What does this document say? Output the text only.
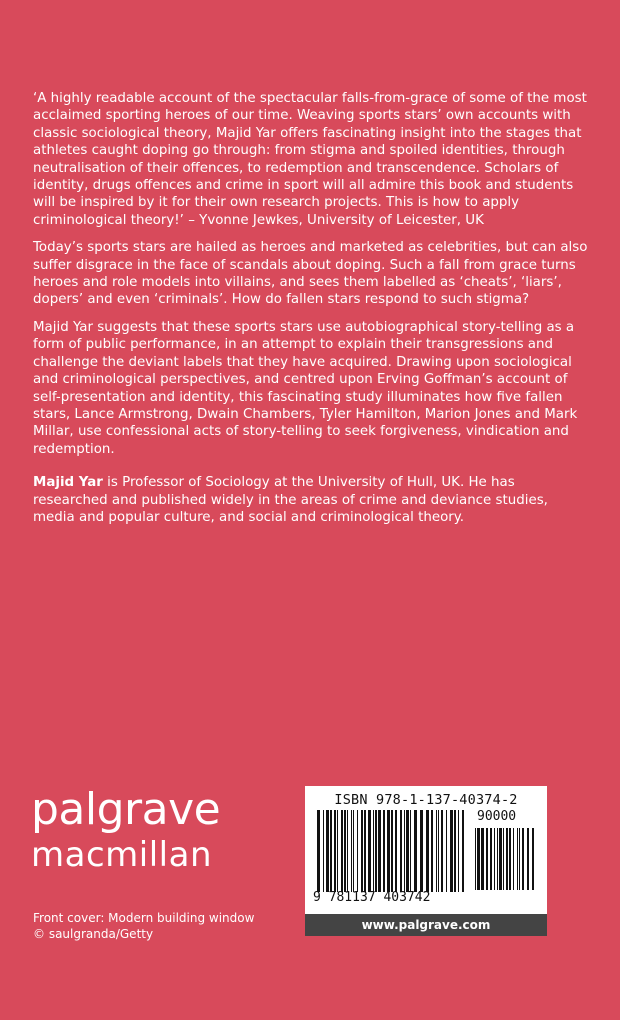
‘A highly readable account of the spectacular falls-from-grace of some of the most acclaimed sporting heroes of our time. Weaving sports stars’ own accounts with classic sociological theory, Majid Yar offers fascinating insight into the stages that athletes caught doping go through: from stigma and spoiled identities, through neutralisation of their offences, to redemption and transcendence. Scholars of identity, drugs offences and crime in sport will all admire this book and students will be inspired by it for their own research projects. This is how to apply criminological theory!’ – Yvonne Jewkes, University of Leicester, UK

Today’s sports stars are hailed as heroes and marketed as celebrities, but can also suffer disgrace in the face of scandals about doping. Such a fall from grace turns heroes and role models into villains, and sees them labelled as ‘cheats’, ‘liars’, dopers’ and even ‘criminals’. How do fallen stars respond to such stigma?

Majid Yar suggests that these sports stars use autobiographical story-telling as a form of public performance, in an attempt to explain their transgressions and challenge the deviant labels that they have acquired. Drawing upon sociological and criminological perspectives, and centred upon Erving Goffman’s account of self-presentation and identity, this fascinating study illuminates how five fallen stars, Lance Armstrong, Dwain Chambers, Tyler Hamilton, Marion Jones and Mark Millar, use confessional acts of story-telling to seek forgiveness, vindication and redemption.

Majid Yar is Professor of Sociology at the University of Hull, UK. He has researched and published widely in the areas of crime and deviance studies, media and popular culture, and social and criminological theory.

palgrave
macmillan
Front cover: Modern building window
© saulgranda/Getty
ISBN 978-1-137-40374-2
90000
9 781137 403742
www.palgrave.com
